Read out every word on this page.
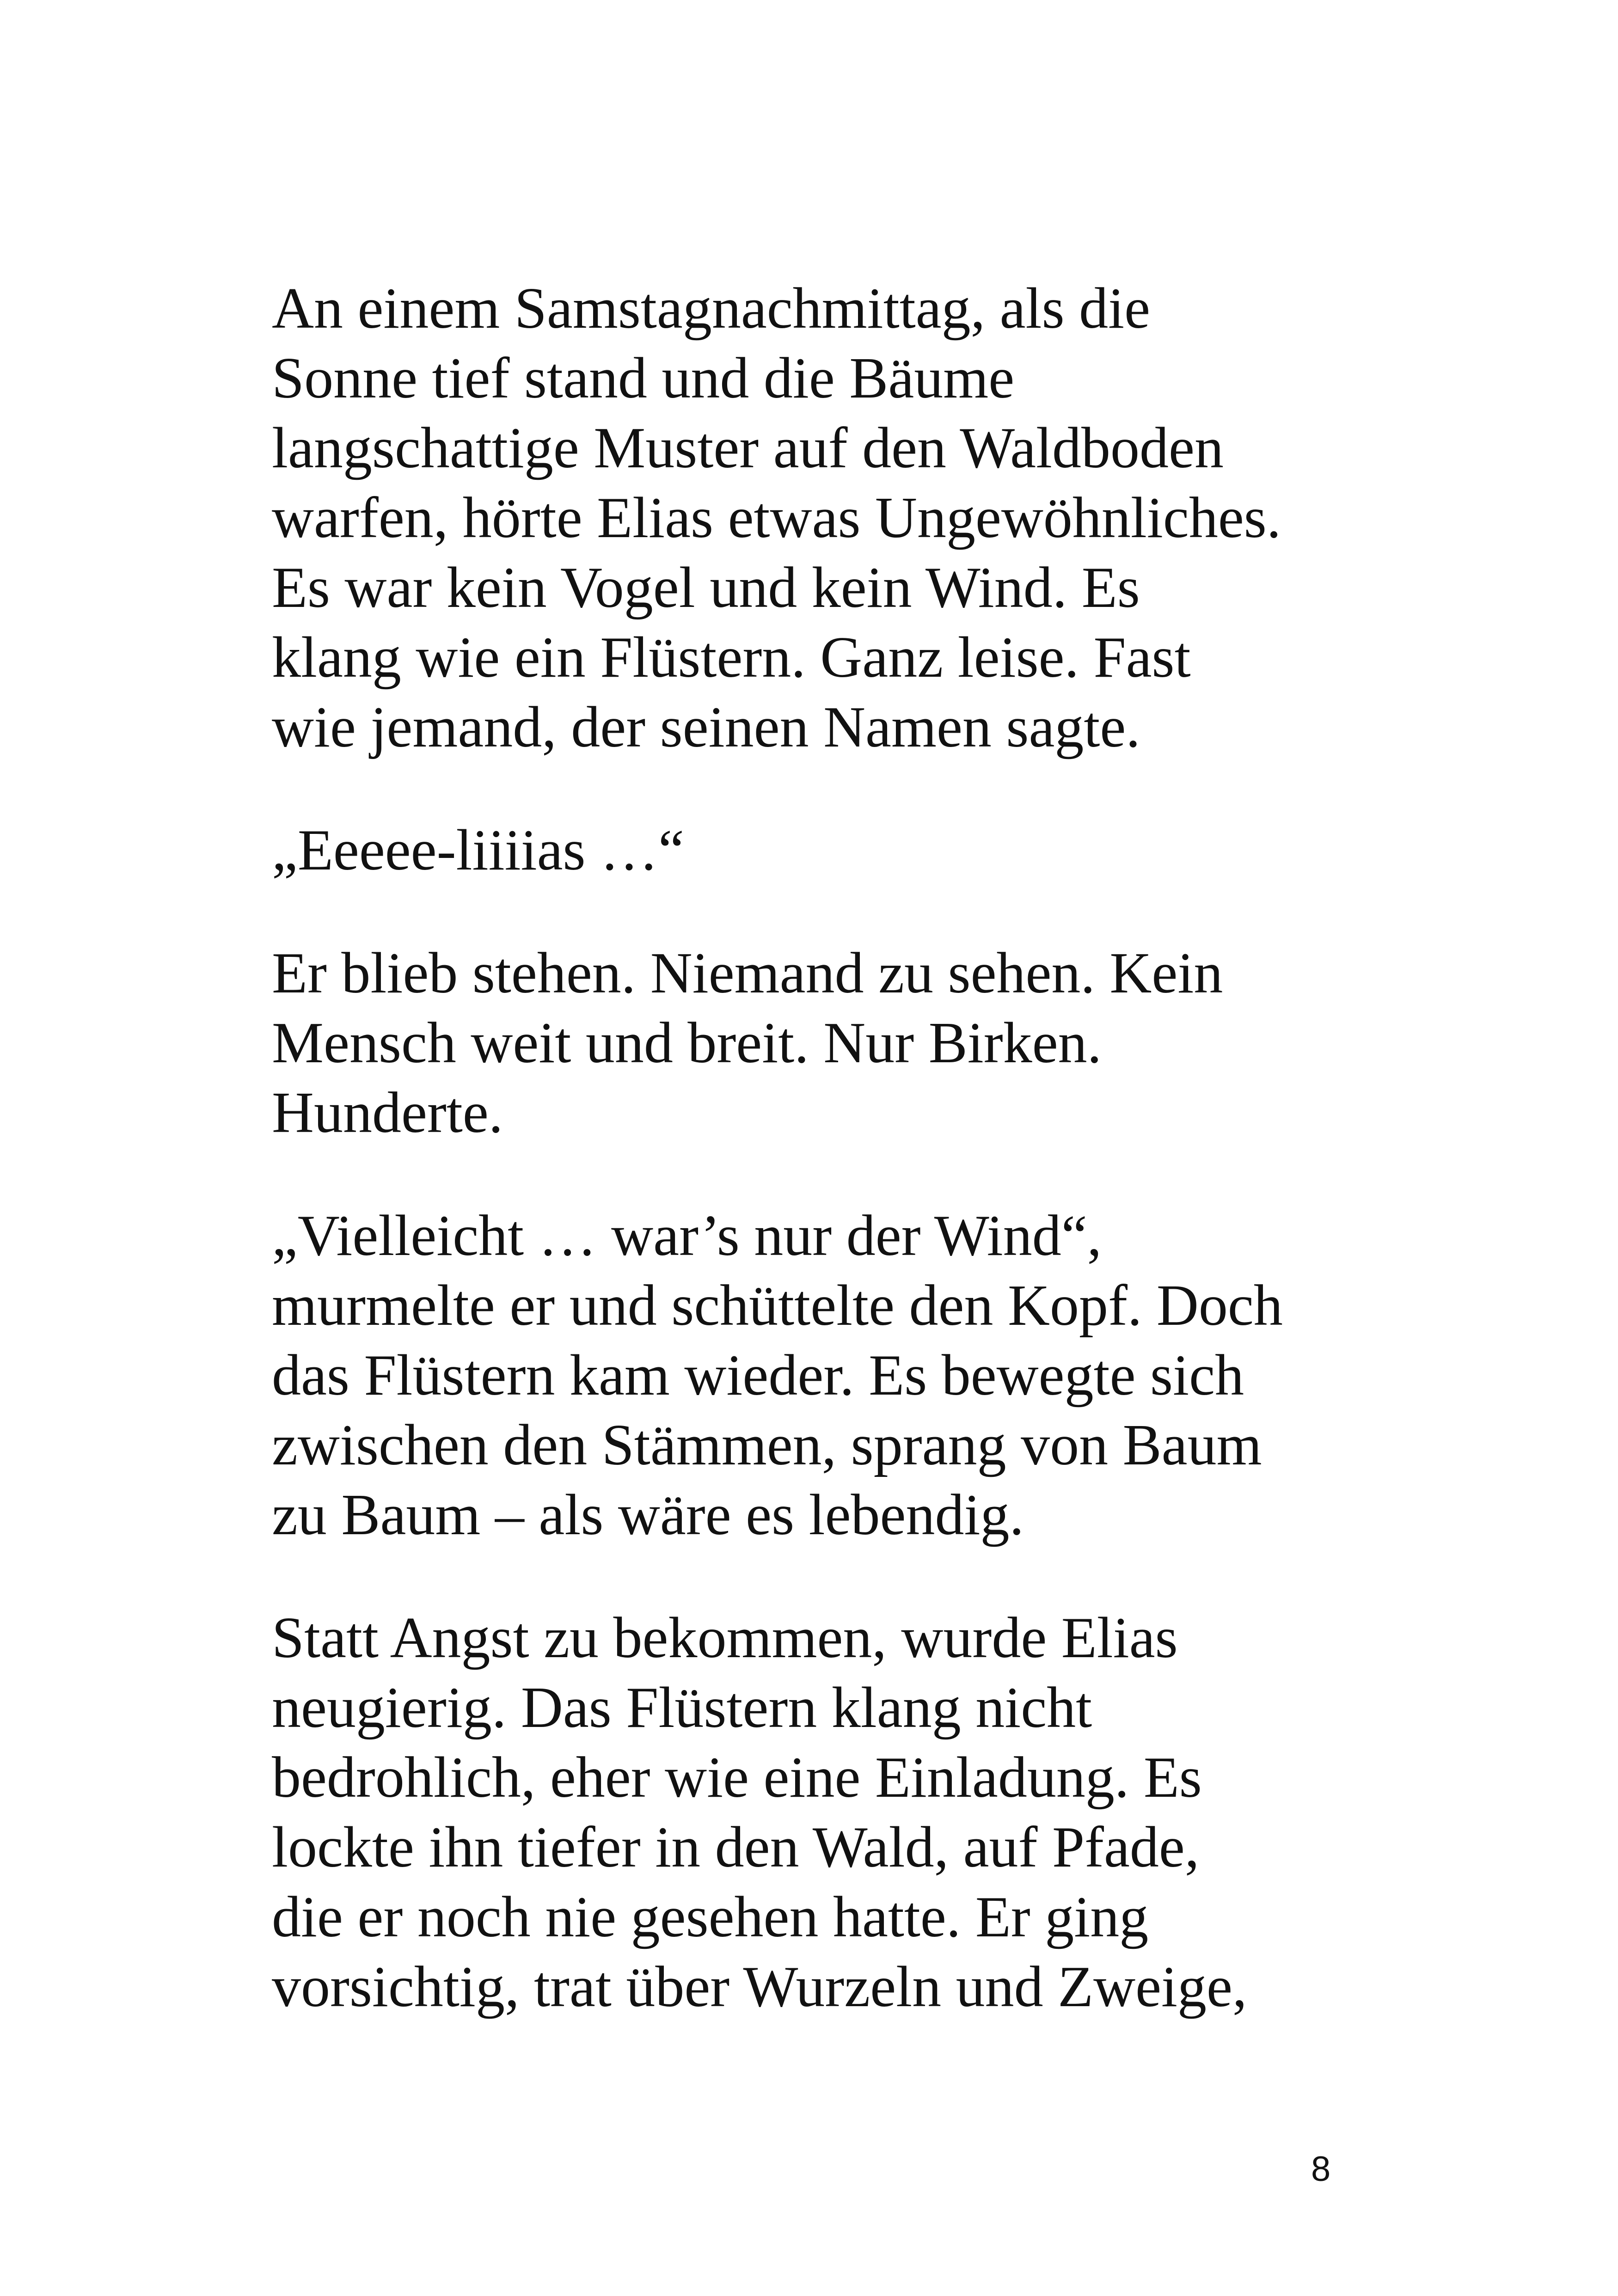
An einem Samstagnachmittag, als die
Sonne tief stand und die Bäume
langschattige Muster auf den Waldboden
warfen, hörte Elias etwas Ungewöhnliches.
Es war kein Vogel und kein Wind. Es
klang wie ein Flüstern. Ganz leise. Fast
wie jemand, der seinen Namen sagte.

„Eeeee-liiiias …“

Er blieb stehen. Niemand zu sehen. Kein
Mensch weit und breit. Nur Birken.
Hunderte.

„Vielleicht … war’s nur der Wind“,
murmelte er und schüttelte den Kopf. Doch
das Flüstern kam wieder. Es bewegte sich
zwischen den Stämmen, sprang von Baum
zu Baum – als wäre es lebendig.

Statt Angst zu bekommen, wurde Elias
neugierig. Das Flüstern klang nicht
bedrohlich, eher wie eine Einladung. Es
lockte ihn tiefer in den Wald, auf Pfade,
die er noch nie gesehen hatte. Er ging
vorsichtig, trat über Wurzeln und Zweige,

8
